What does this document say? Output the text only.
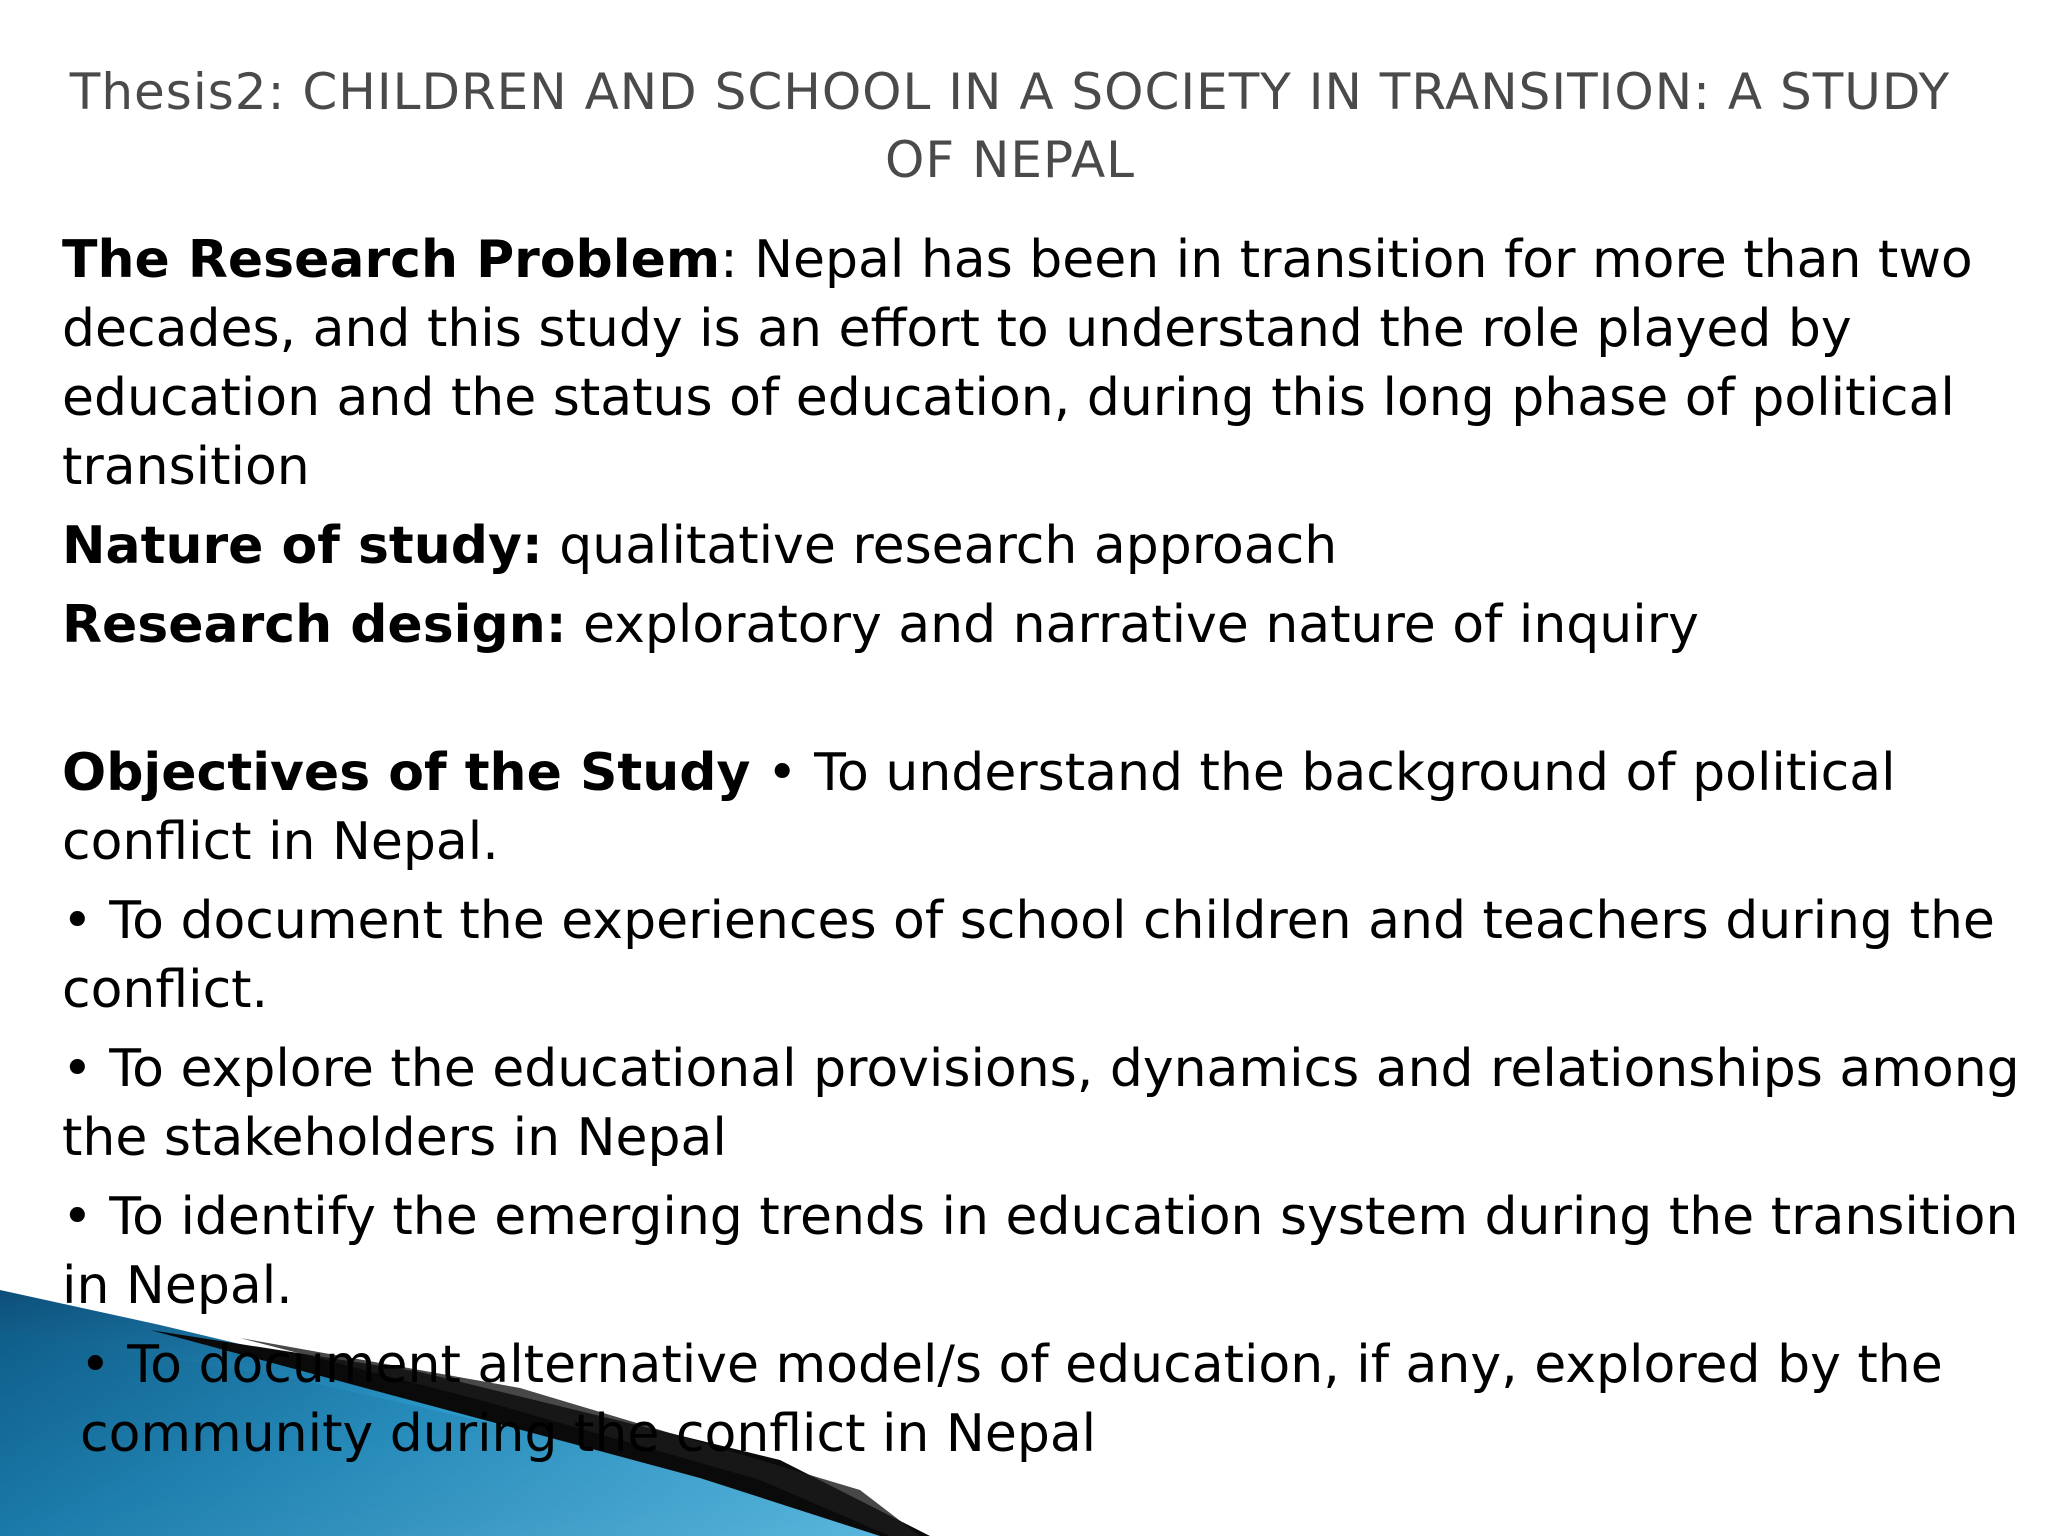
Thesis2: CHILDREN AND SCHOOL IN A SOCIETY IN TRANSITION: A STUDY OF NEPAL

The Research Problem: Nepal has been in transition for more than two decades, and this study is an effort to understand the role played by education and the status of education, during this long phase of political transition

Nature of study: qualitative research approach

Research design: exploratory and narrative nature of inquiry

Objectives of the Study • To understand the background of political conflict in Nepal.

• To document the experiences of school children and teachers during the conflict.

• To explore the educational provisions, dynamics and relationships among the stakeholders in Nepal

• To identify the emerging trends in education system during the transition in Nepal.

• To document alternative model/s of education, if any, explored by the community during the conflict in Nepal
